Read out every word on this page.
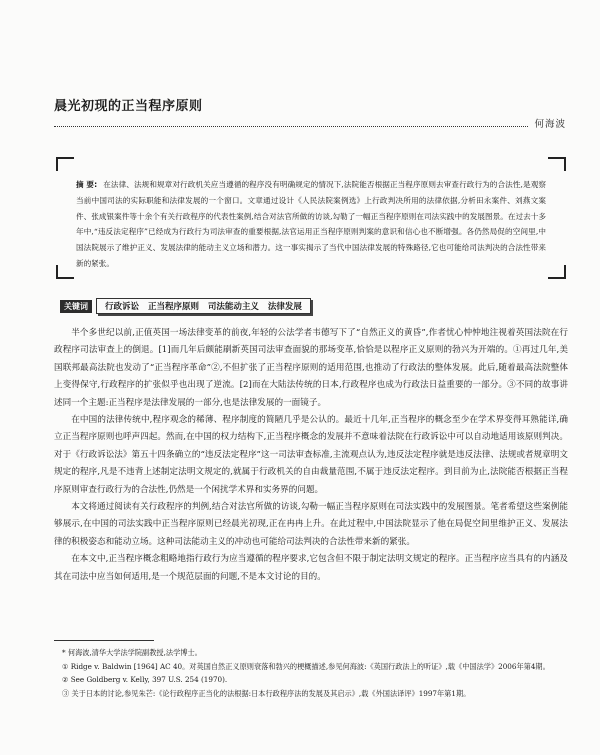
晨光初现的正当程序原则
何海波

摘 要: 在法律、法规和规章对行政机关应当遵循的程序没有明确规定的情况下,法院能否根据正当程序原则去审查行政行为的合法性,是观察当前中国司法的实际职能和法律发展的一个窗口。文章通过设计《人民法院案例选》上行政判决所用的法律依据,分析田永案件、刘燕文案件、张成银案件等十余个有关行政程序的代表性案例,结合对法官所做的访谈,勾勒了一幅正当程序原则在司法实践中的发展图景。在过去十多年中,“违反法定程序”已经成为行政行为司法审查的重要根据,法官运用正当程序原则判案的意识和信心也不断增强。各仍然局促的空间里,中国法院展示了维护正义、发展法律的能动主义立场和潜力。这一事实揭示了当代中国法律发展的特殊路径,它也可能给司法判决的合法性带来新的紧张。

关键词	行政诉讼 正当程序原则 司法能动主义 法律发展

半个多世纪以前,正值英国一场法律变革的前夜,年轻的公法学者韦德写下了“自然正义的黄昏”,作者忧心忡忡地注视着英国法院在行政程序司法审查上的倒退。[1]而几年后颇能刷新英国司法审查面貌的那场变革,恰恰是以程序正义原则的勃兴为开端的。①再过几年,美国联邦最高法院也发动了“正当程序革命”②,不但扩张了正当程序原则的适用范围,也推动了行政法的整体发展。此后,随着最高法院整体上变得保守,行政程序的扩张似乎也出现了逆流。[2]而在大陆法传统的日本,行政程序也成为行政法日益重要的一部分。③不同的故事讲述同一个主题:正当程序是法律发展的一部分,也是法律发展的一面镜子。

在中国的法律传统中,程序观念的稀薄、程序制度的简陋几乎是公认的。最近十几年,正当程序的概念至少在学术界变得耳熟能详,确立正当程序原则也呼声四起。然而,在中国的权力结构下,正当程序概念的发展并不意味着法院在行政诉讼中可以自动地适用该原则判决。对于《行政诉讼法》第五十四条确立的“违反法定程序”这一司法审查标准,主流观点认为,违反法定程序就是违反法律、法规或者规章明文规定的程序,凡是不违背上述制定法明文规定的,就属于行政机关的自由裁量范围,不属于违反法定程序。到目前为止,法院能否根据正当程序原则审查行政行为的合法性,仍然是一个闲扰学术界和实务界的问题。

本文将通过阅读有关行政程序的判例,结合对法官所做的访谈,勾勒一幅正当程序原则在司法实践中的发展图景。笔者希望这些案例能够展示,在中国的司法实践中正当程序原则已经晨光初现,正在冉冉上升。在此过程中,中国法院显示了他在局促空间里维护正义、发展法律的积极姿态和能动立场。这种司法能动主义的冲动也可能给司法判决的合法性带来新的紧张。

在本文中,正当程序概念粗略地指行政行为应当遵循的程序要求,它包含但不限于制定法明文规定的程序。正当程序应当具有的内涵及其在司法中应当如何适用,是一个规范层面的问题,不是本文讨论的目的。

* 何海波,清华大学法学院副教授,法学博士。

① Ridge v. Baldwin [1964] AC 40。对英国自然正义原则衰落和勃兴的梗概描述,参见何海波:《英国行政法上的听证》,载《中国法学》2006年第4期。

② See Goldberg v. Kelly, 397 U.S. 254 (1970).

③ 关于日本的讨论,参见朱芒:《论行政程序正当化的法根据:日本行政程序法的发展及其启示》,载《外国法译评》1997年第1期。
